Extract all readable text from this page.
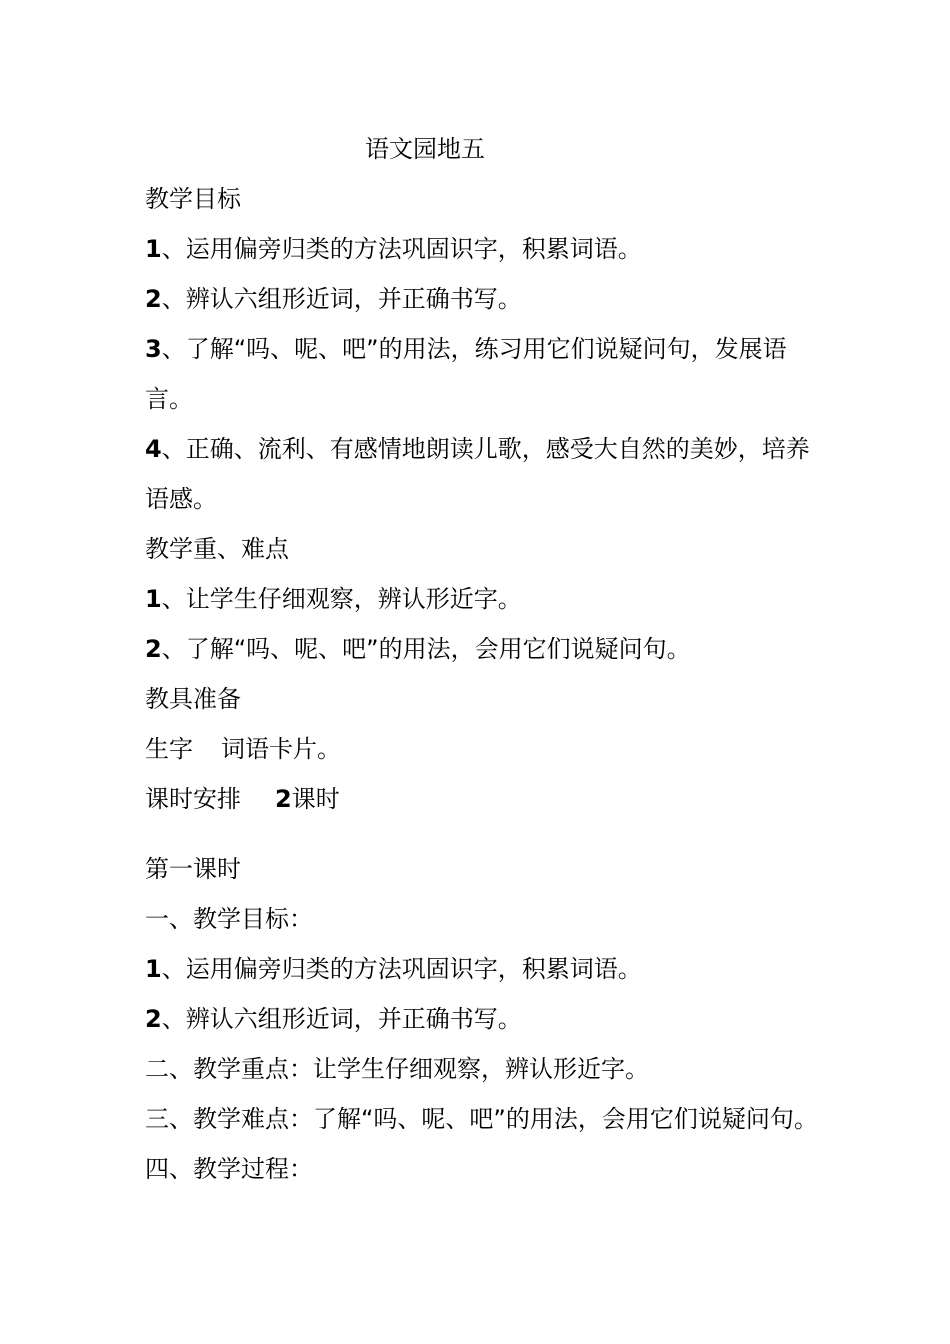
语文园地五
教学目标
1、运用偏旁归类的方法巩固识字，积累词语。
2、辨认六组形近词，并正确书写。
3、了解“吗、呢、吧”的用法，练习用它们说疑问句，发展语
言。
4、正确、流利、有感情地朗读儿歌，感受大自然的美妙，培养
语感。
教学重、难点
1、让学生仔细观察，辨认形近字。
2、了解“吗、呢、吧”的用法，会用它们说疑问句。
教具准备
生字 词语卡片。
课时安排 2课时
第一课时
一、教学目标：
1、运用偏旁归类的方法巩固识字，积累词语。
2、辨认六组形近词，并正确书写。
二、教学重点：让学生仔细观察，辨认形近字。
三、教学难点：了解“吗、呢、吧”的用法，会用它们说疑问句。
四、教学过程：
